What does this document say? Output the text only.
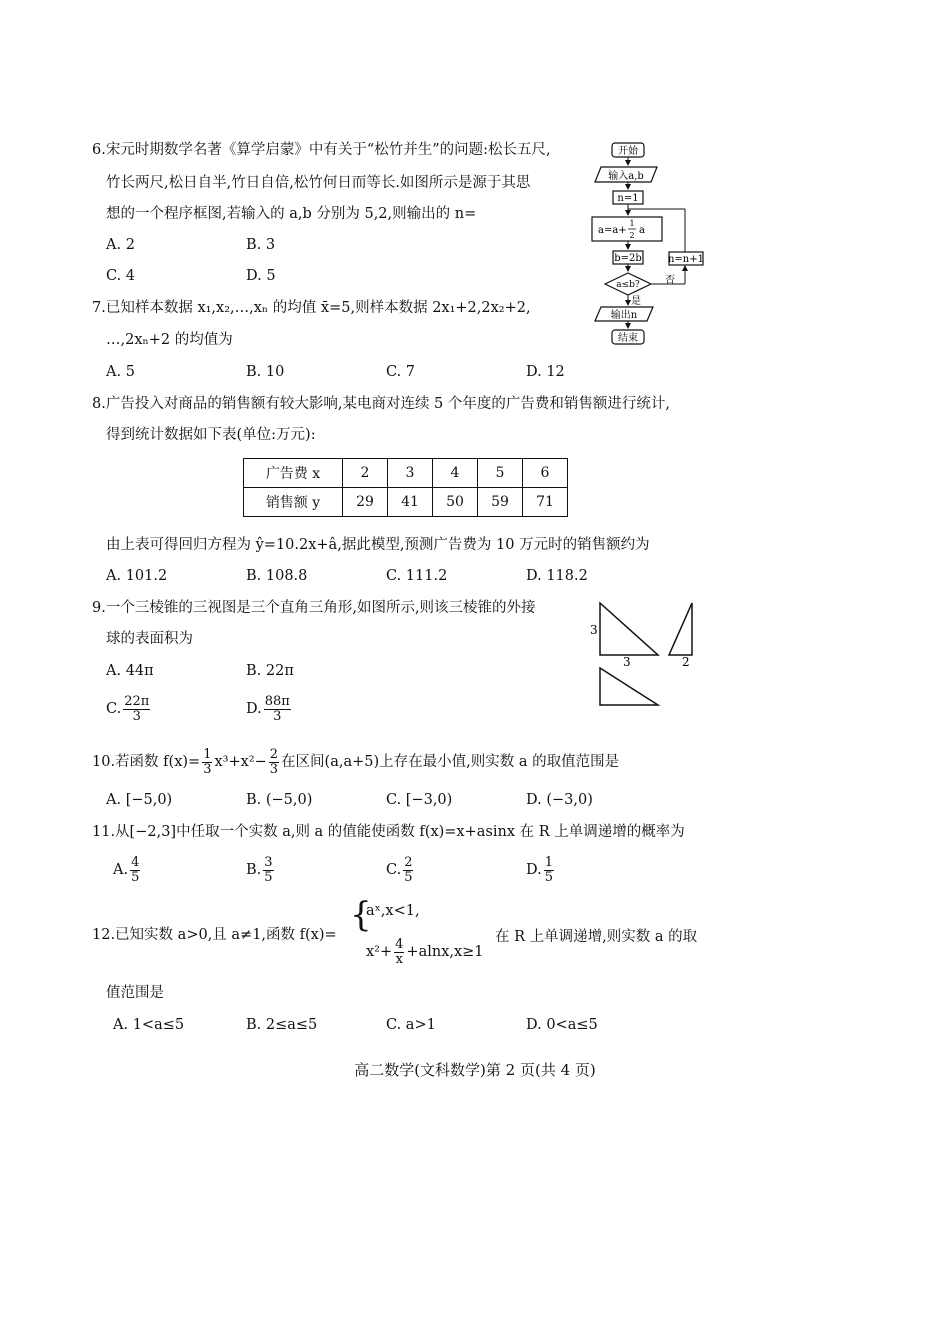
6.宋元时期数学名著《算学启蒙》中有关于“松竹并生”的问题:松长五尺,
竹长两尺,松日自半,竹日自倍,松竹何日而等长.如图所示是源于其思
想的一个程序框图,若输入的 a,b 分别为 5,2,则输出的 n=
A. 2	B. 3
C. 4	D. 5
开始
输入a,b
n=1
a=a+
1
2 a
b=2b
a≤b?	否
n=n+1
是
输出n
结束
7.已知样本数据 x₁,x₂,…,xₙ 的均值 x̄=5,则样本数据 2x₁+2,2x₂+2,
…,2xₙ+2 的均值为
A. 5	B. 10	C. 7	D. 12
8.广告投入对商品的销售额有较大影响,某电商对连续 5 个年度的广告费和销售额进行统计,
得到统计数据如下表(单位:万元):
广告费 x	2	3	4	5	6
销售额 y	29	41	50	59	71
由上表可得回归方程为 ŷ=10.2x+â,据此模型,预测广告费为 10 万元时的销售额约为
A. 101.2	B. 108.8	C. 111.2	D. 118.2
9.一个三棱锥的三视图是三个直角三角形,如图所示,则该三棱锥的外接
球的表面积为
A. 44π	B. 22π
C. $\frac{22\pi}{3}$	D. $\frac{88\pi}{3}$
3
3	2
10.若函数 $f(x)= \frac{1}{3} x^3+x^2- \frac{2}{3}$ 在区间(a,a+5)上存在最小值,则实数 a 的取值范围是
A. [−5,0)	B. (−5,0)	C. [−3,0)	D. (−3,0)
11.从[−2,3]中任取一个实数 a,则 a 的值能使函数 f(x)=x+asinx 在 R 上单调递增的概率为
A. $\frac{4}{5}$	B. $\frac{3}{5}$	C. $\frac{2}{5}$	D. $\frac{1}{5}$
12.已知实数 a>0,且 a≠1,函数 f(x)= {
aˣ,x<1,
$x^2+ \frac{4}{x} +alnx,x\ge 1$
在 R 上单调递增,则实数 a 的取
值范围是
A. 1<a≤5	B. 2≤a≤5	C. a>1	D. 0<a≤5
高二数学(文科数学)第 2 页(共 4 页)
